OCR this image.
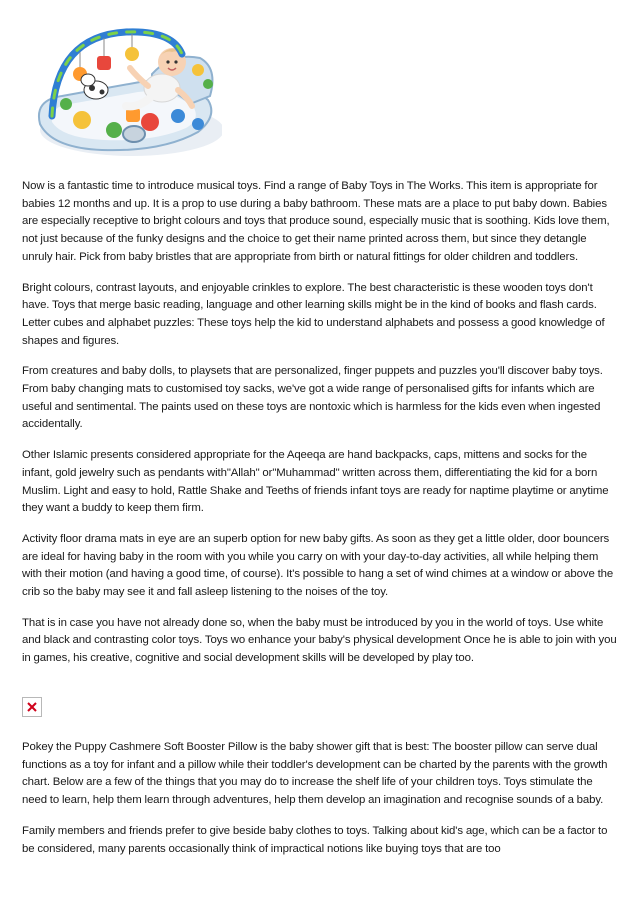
Now is a fantastic time to introduce musical toys. Find a range of Baby Toys in The Works. This item is appropriate for babies 12 months and up. It is a prop to use during a baby bathroom. These mats are a place to put baby down. Babies are especially receptive to bright colours and toys that produce sound, especially music that is soothing. Kids love them, not just because of the funky designs and the choice to get their name printed across them, but since they detangle unruly hair. Pick from baby bristles that are appropriate from birth or natural fittings for older children and toddlers.

Bright colours, contrast layouts, and enjoyable crinkles to explore. The best characteristic is these wooden toys don't have. Toys that merge basic reading, language and other learning skills might be in the kind of books and flash cards. Letter cubes and alphabet puzzles: These toys help the kid to understand alphabets and possess a good knowledge of shapes and figures.

From creatures and baby dolls, to playsets that are personalized, finger puppets and puzzles you'll discover baby toys. From baby changing mats to customised toy sacks, we've got a wide range of personalised gifts for infants which are useful and sentimental. The paints used on these toys are nontoxic which is harmless for the kids even when ingested accidentally.

Other Islamic presents considered appropriate for the Aqeeqa are hand backpacks, caps, mittens and socks for the infant, gold jewelry such as pendants with"Allah" or"Muhammad" written across them, differentiating the kid for a born Muslim. Light and easy to hold, Rattle Shake and Teeths of friends infant toys are ready for naptime playtime or anytime they want a buddy to keep them firm.

Activity floor drama mats in eye are an superb option for new baby gifts. As soon as they get a little older, door bouncers are ideal for having baby in the room with you while you carry on with your day-to-day activities, all while helping them with their motion (and having a good time, of course). It's possible to hang a set of wind chimes at a window or above the crib so the baby may see it and fall asleep listening to the noises of the toy.

That is in case you have not already done so, when the baby must be introduced by you in the world of toys. Use white and black and contrasting color toys. Toys wo enhance your baby's physical development Once he is able to join with you in games, his creative, cognitive and social development skills will be developed by play too.

Pokey the Puppy Cashmere Soft Booster Pillow is the baby shower gift that is best: The booster pillow can serve dual functions as a toy for infant and a pillow while their toddler's development can be charted by the parents with the growth chart. Below are a few of the things that you may do to increase the shelf life of your children toys. Toys stimulate the need to learn, help them learn through adventures, help them develop an imagination and recognise sounds of a baby.

Family members and friends prefer to give beside baby clothes to toys. Talking about kid's age, which can be a factor to be considered, many parents occasionally think of impractical notions like buying toys that are too
